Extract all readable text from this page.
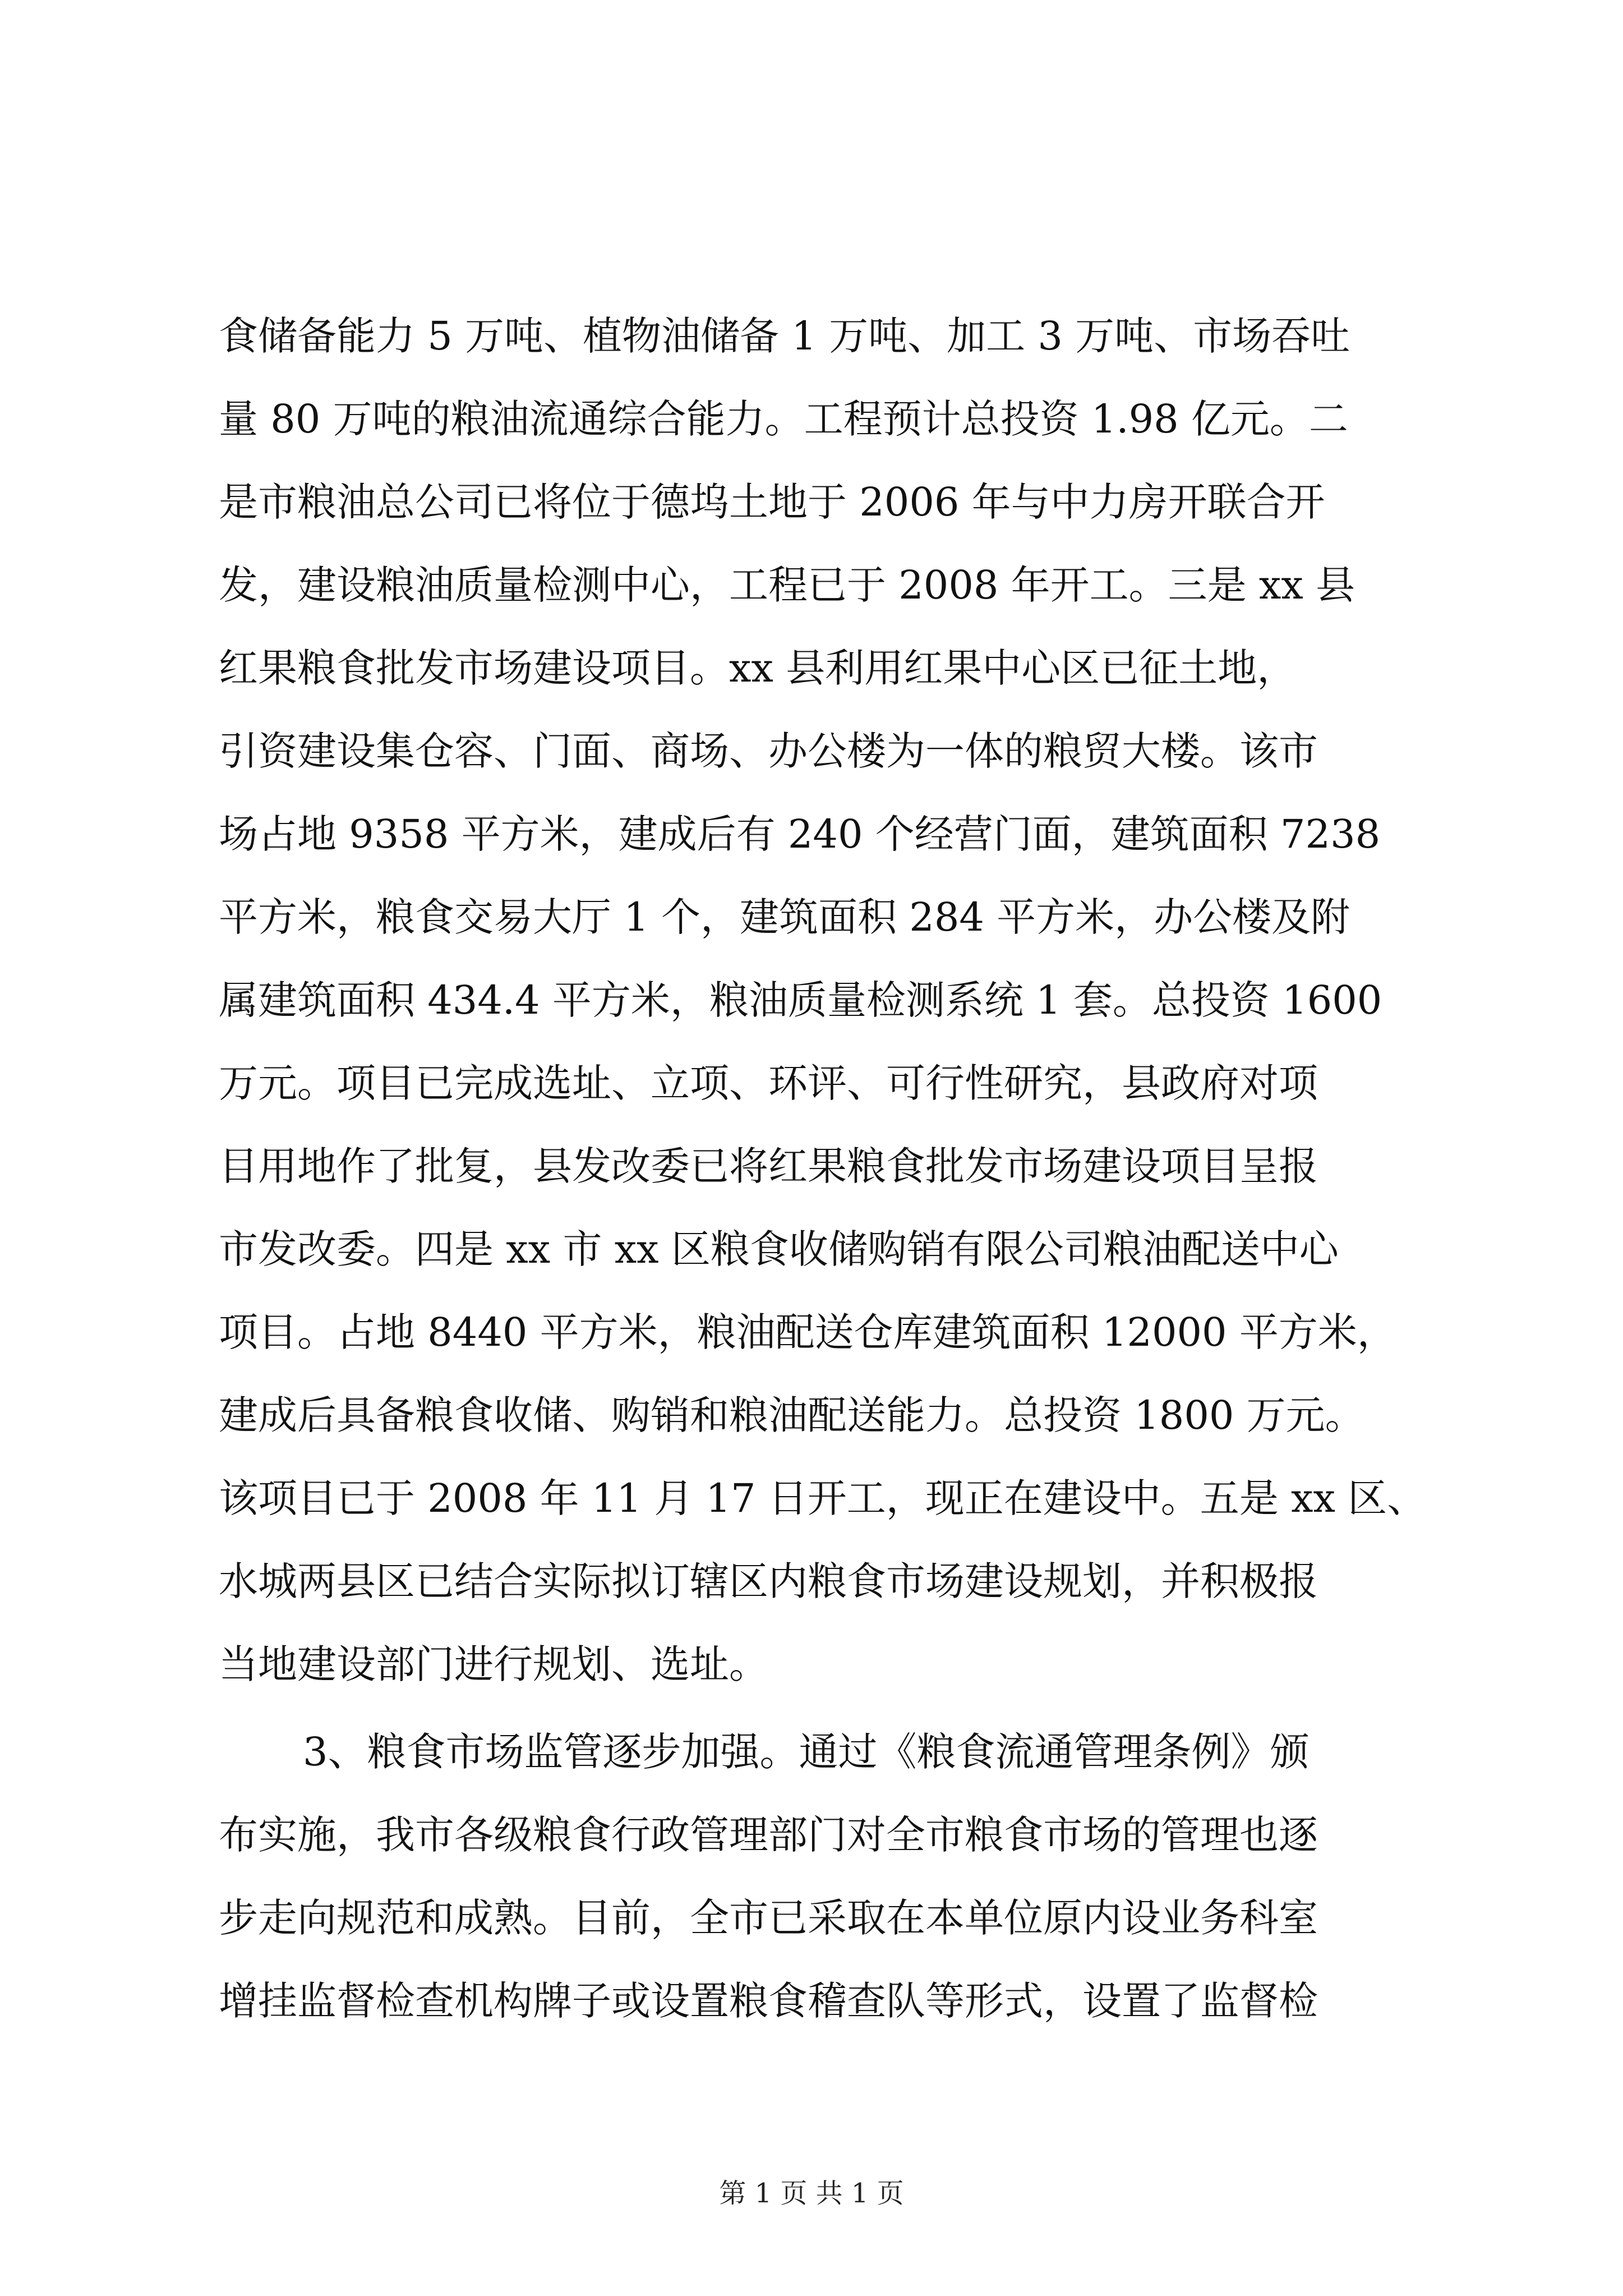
食储备能力 5 万吨、植物油储备 1 万吨、加工 3 万吨、市场吞吐
量 80 万吨的粮油流通综合能力。工程预计总投资 1.98 亿元。二
是市粮油总公司已将位于德坞土地于 2006 年与中力房开联合开
发，建设粮油质量检测中心，工程已于 2008 年开工。三是 xx 县
红果粮食批发市场建设项目。xx 县利用红果中心区已征土地，
引资建设集仓容、门面、商场、办公楼为一体的粮贸大楼。该市
场占地 9358 平方米，建成后有 240 个经营门面，建筑面积 7238
平方米，粮食交易大厅 1 个，建筑面积 284 平方米，办公楼及附
属建筑面积 434.4 平方米，粮油质量检测系统 1 套。总投资 1600
万元。项目已完成选址、立项、环评、可行性研究，县政府对项
目用地作了批复，县发改委已将红果粮食批发市场建设项目呈报
市发改委。四是 xx 市 xx 区粮食收储购销有限公司粮油配送中心
项目。占地 8440 平方米，粮油配送仓库建筑面积 12000 平方米，
建成后具备粮食收储、购销和粮油配送能力。总投资 1800 万元。
该项目已于 2008 年 11 月 17 日开工，现正在建设中。五是 xx 区、
水城两县区已结合实际拟订辖区内粮食市场建设规划，并积极报
当地建设部门进行规划、选址。
3、粮食市场监管逐步加强。通过《粮食流通管理条例》颁
布实施，我市各级粮食行政管理部门对全市粮食市场的管理也逐
步走向规范和成熟。目前，全市已采取在本单位原内设业务科室
增挂监督检查机构牌子或设置粮食稽查队等形式，设置了监督检
第 1 页 共 1 页
